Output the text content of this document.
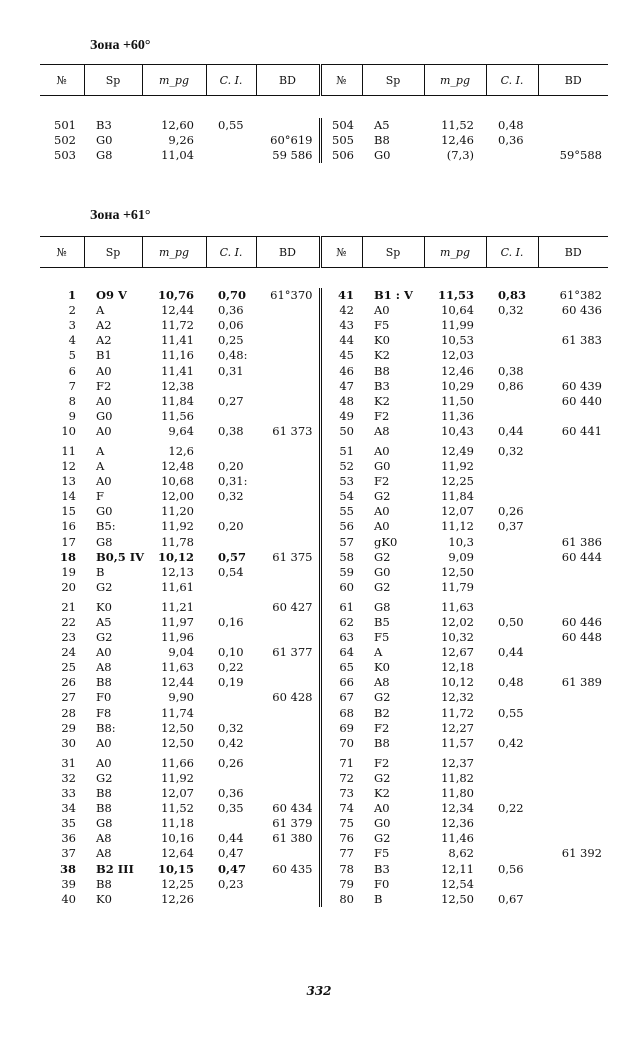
Зона +60°
№	Sp	m_pg	C. I.	BD	№	Sp	m_pg	C. I.	BD

501	B3	12,60	0,55		504	A5	11,52	0,48	
502	G0	9,26		60°619	505	B8	12,46	0,36	
503	G8	11,04		59 586	506	G0	(7,3)		59°588
Зона +61°
№	Sp	m_pg	C. I.	BD	№	Sp	m_pg	C. I.	BD

1	O9 V	10,76	0,70	61°370	41	B1 : V	11,53	0,83	61°382
2	A	12,44	0,36		42	A0	10,64	0,32	60 436
3	A2	11,72	0,06		43	F5	11,99		
4	A2	11,41	0,25		44	K0	10,53		61 383
5	B1	11,16	0,48:		45	K2	12,03		
6	A0	11,41	0,31		46	B8	12,46	0,38	
7	F2	12,38			47	B3	10,29	0,86	60 439
8	A0	11,84	0,27		48	K2	11,50		60 440
9	G0	11,56			49	F2	11,36		
10	A0	9,64	0,38	61 373	50	A8	10,43	0,44	60 441

11	A	12,6			51	A0	12,49	0,32	
12	A	12,48	0,20		52	G0	11,92		
13	A0	10,68	0,31:		53	F2	12,25		
14	F	12,00	0,32		54	G2	11,84		
15	G0	11,20			55	A0	12,07	0,26	
16	B5:	11,92	0,20		56	A0	11,12	0,37	
17	G8	11,78			57	gK0	10,3		61 386
18	B0,5 IV	10,12	0,57	61 375	58	G2	9,09		60 444
19	B	12,13	0,54		59	G0	12,50		
20	G2	11,61			60	G2	11,79		

21	K0	11,21		60 427	61	G8	11,63		
22	A5	11,97	0,16		62	B5	12,02	0,50	60 446
23	G2	11,96			63	F5	10,32		60 448
24	A0	9,04	0,10	61 377	64	A	12,67	0,44	
25	A8	11,63	0,22		65	K0	12,18		
26	B8	12,44	0,19		66	A8	10,12	0,48	61 389
27	F0	9,90		60 428	67	G2	12,32		
28	F8	11,74			68	B2	11,72	0,55	
29	B8:	12,50	0,32		69	F2	12,27		
30	A0	12,50	0,42		70	B8	11,57	0,42	

31	A0	11,66	0,26		71	F2	12,37		
32	G2	11,92			72	G2	11,82		
33	B8	12,07	0,36		73	K2	11,80		
34	B8	11,52	0,35	60 434	74	A0	12,34	0,22	
35	G8	11,18		61 379	75	G0	12,36		
36	A8	10,16	0,44	61 380	76	G2	11,46		
37	A8	12,64	0,47		77	F5	8,62		61 392
38	B2 III	10,15	0,47	60 435	78	B3	12,11	0,56	
39	B8	12,25	0,23		79	F0	12,54		
40	K0	12,26			80	B	12,50	0,67	
332
